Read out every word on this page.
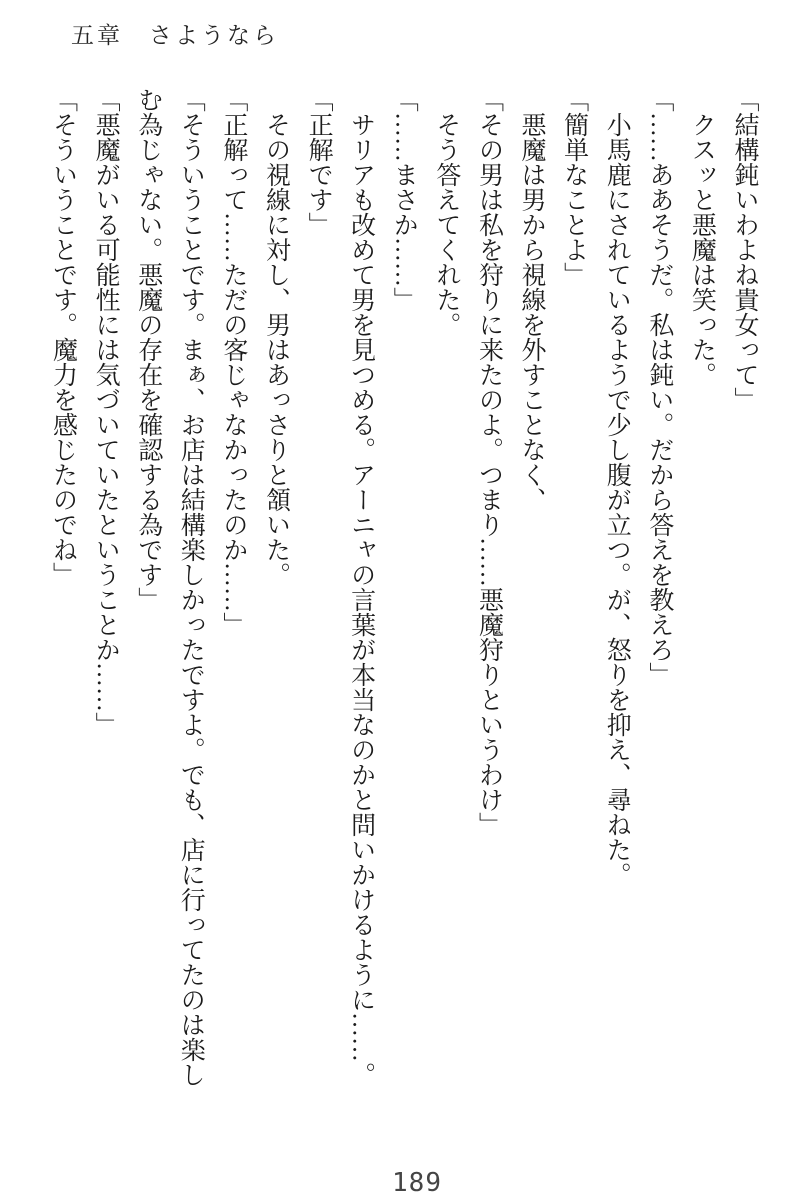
五章　さようなら

「結構鈍いわよね貴女って」

クスッと悪魔は笑った。

「……ああそうだ。私は鈍い。だから答えを教えろ」

小馬鹿にされているようで少し腹が立つ。が、怒りを抑え、尋ねた。

「簡単なことよ」

悪魔は男から視線を外すことなく、

「その男は私を狩りに来たのよ。つまり……悪魔狩りというわけ」

そう答えてくれた。

「……まさか……」

サリアも改めて男を見つめる。アーニャの言葉が本当なのかと問いかけるように……。

「正解です」

その視線に対し、男はあっさりと頷いた。

「正解って……ただの客じゃなかったのか……」

「そういうことです。まぁ、お店は結構楽しかったですよ。でも、店に行ってたのは楽しむ為じゃない。悪魔の存在を確認する為です」

「悪魔がいる可能性には気づいていたということか……」

「そういうことです。魔力を感じたのでね」

189
